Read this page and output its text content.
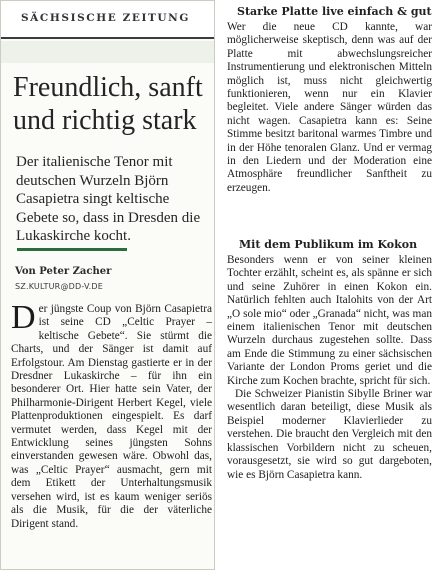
SÄCHSISCHE ZEITUNG
Freundlich, sanft
und richtig stark
Der italienische Tenor mit deutschen Wurzeln Björn Casapietra singt keltische Gebete so, dass in Dresden die Lukaskirche kocht.
Von Peter Zacher
SZ.KULTUR@DD-V.DE
Der jüngste Coup von Björn Casapietra ist seine CD „Celtic Prayer – keltische Gebete“. Sie stürmt die Charts, und der Sänger ist damit auf Erfolgstour. Am Dienstag gastierte er in der Dresdner Lukaskirche – für ihn ein besonderer Ort. Hier hatte sein Vater, der Philharmonie-Dirigent Herbert Kegel, viele Plattenproduktionen eingespielt. Es darf vermutet werden, dass Kegel mit der Entwicklung seines jüngsten Sohns einverstanden gewesen wäre. Obwohl das, was „Celtic Prayer“ ausmacht, gern mit dem Etikett der Unterhaltungsmusik versehen wird, ist es kaum weniger seriös als die Musik, für die der väterliche Dirigent stand.
Starke Platte live einfach & gut

Wer die neue CD kannte, war möglicherweise skeptisch, denn was auf der Platte mit abwechslungsreicher Instrumentierung und elektronischen Mitteln möglich ist, muss nicht gleichwertig funktionieren, wenn nur ein Klavier begleitet. Viele andere Sänger würden das nicht wagen. Casapietra kann es: Seine Stimme besitzt baritonal warmes Timbre und in der Höhe tenoralen Glanz. Und er vermag in den Liedern und der Moderation eine Atmosphäre freundlicher Sanftheit zu erzeugen.

Mit dem Publikum im Kokon

Besonders wenn er von seiner kleinen Tochter erzählt, scheint es, als spänne er sich und seine Zuhörer in einen Kokon ein. Natürlich fehlten auch Italohits von der Art „O sole mio“ oder „Granada“ nicht, was man einem italienischen Tenor mit deutschen Wurzeln durchaus zugestehen sollte. Dass am Ende die Stimmung zu einer sächsischen Variante der London Proms geriet und die Kirche zum Kochen brachte, spricht für sich.

Die Schweizer Pianistin Sibylle Briner war wesentlich daran beteiligt, diese Musik als Beispiel moderner Klavierlieder zu verstehen. Die braucht den Vergleich mit den klassischen Vorbildern nicht zu scheuen, vorausgesetzt, sie wird so gut dargeboten, wie es Björn Casapietra kann.
